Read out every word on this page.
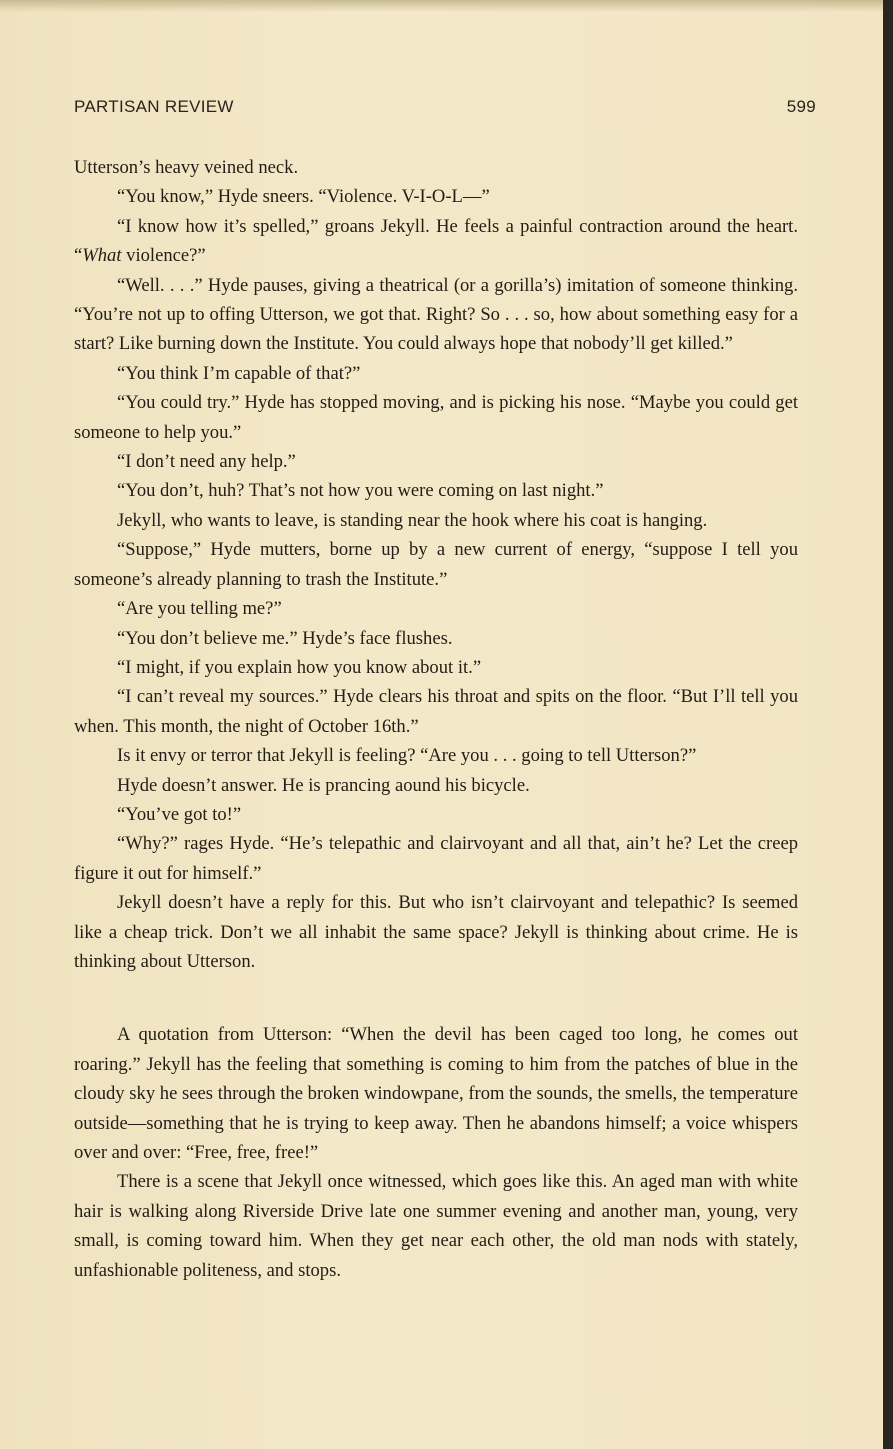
PARTISAN REVIEW	599

Utterson’s heavy veined neck.

“You know,” Hyde sneers. “Violence. V-I-O-L—”

“I know how it’s spelled,” groans Jekyll. He feels a painful contraction around the heart. “What violence?”

“Well. . . .” Hyde pauses, giving a theatrical (or a gorilla’s) imitation of someone thinking. “You’re not up to offing Utterson, we got that. Right? So . . . so, how about something easy for a start? Like burning down the Institute. You could always hope that nobody’ll get killed.”

“You think I’m capable of that?”

“You could try.” Hyde has stopped moving, and is picking his nose. “Maybe you could get someone to help you.”

“I don’t need any help.”

“You don’t, huh? That’s not how you were coming on last night.”

Jekyll, who wants to leave, is standing near the hook where his coat is hanging.

“Suppose,” Hyde mutters, borne up by a new current of energy, “suppose I tell you someone’s already planning to trash the Institute.”

“Are you telling me?”

“You don’t believe me.” Hyde’s face flushes.

“I might, if you explain how you know about it.”

“I can’t reveal my sources.” Hyde clears his throat and spits on the floor. “But I’ll tell you when. This month, the night of October 16th.”

Is it envy or terror that Jekyll is feeling? “Are you . . . going to tell Utterson?”

Hyde doesn’t answer. He is prancing aound his bicycle.

“You’ve got to!”

“Why?” rages Hyde. “He’s telepathic and clairvoyant and all that, ain’t he? Let the creep figure it out for himself.”

Jekyll doesn’t have a reply for this. But who isn’t clairvoyant and telepathic? Is seemed like a cheap trick. Don’t we all inhabit the same space? Jekyll is thinking about crime. He is thinking about Utterson.

A quotation from Utterson: “When the devil has been caged too long, he comes out roaring.” Jekyll has the feeling that something is coming to him from the patches of blue in the cloudy sky he sees through the broken windowpane, from the sounds, the smells, the temperature outside—something that he is trying to keep away. Then he abandons himself; a voice whispers over and over: “Free, free, free!”

There is a scene that Jekyll once witnessed, which goes like this. An aged man with white hair is walking along Riverside Drive late one summer evening and another man, young, very small, is coming toward him. When they get near each other, the old man nods with stately, unfashionable politeness, and stops.
